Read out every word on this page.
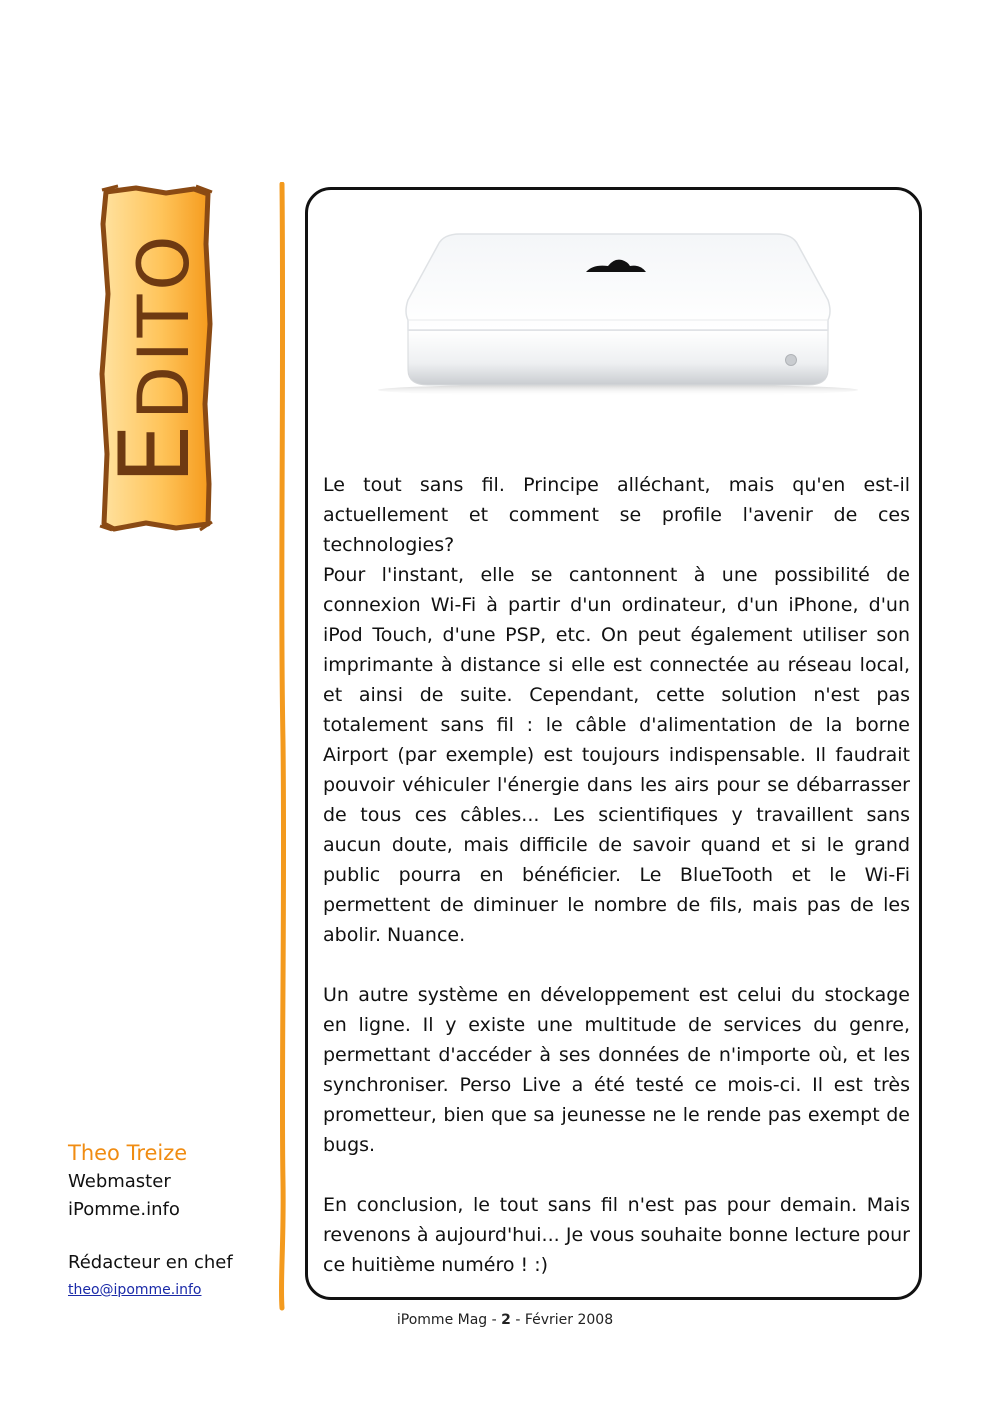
EDITO

Le tout sans fil. Principe alléchant, mais qu'en est-il actuellement et comment se profile l'avenir de ces technologies?

Pour l'instant, elle se cantonnent à une possibilité de connexion Wi-Fi à partir d'un ordinateur, d'un iPhone, d'un iPod Touch, d'une PSP, etc. On peut également utiliser son imprimante à distance si elle est connectée au réseau local, et ainsi de suite. Cependant, cette solution n'est pas totalement sans fil : le câble d'alimentation de la borne Airport (par exemple) est toujours indispensable. Il faudrait pouvoir véhiculer l'énergie dans les airs pour se débarrasser de tous ces câbles... Les scientifiques y travaillent sans aucun doute, mais difficile de savoir quand et si le grand public pourra en bénéficier. Le BlueTooth et le Wi-Fi permettent de diminuer le nombre de fils, mais pas de les abolir. Nuance.

Un autre système en développement est celui du stockage en ligne. Il y existe une multitude de services du genre, permettant d'accéder à ses données de n'importe où, et les synchroniser. Perso Live a été testé ce mois-ci. Il est très prometteur, bien que sa jeunesse ne le rende pas exempt de bugs.

En conclusion, le tout sans fil n'est pas pour demain. Mais revenons à aujourd'hui... Je vous souhaite bonne lecture pour ce huitième numéro ! :)

Theo Treize
Webmaster
iPomme.info
Rédacteur en chef
theo@ipomme.info
iPomme Mag - 2 - Février 2008
